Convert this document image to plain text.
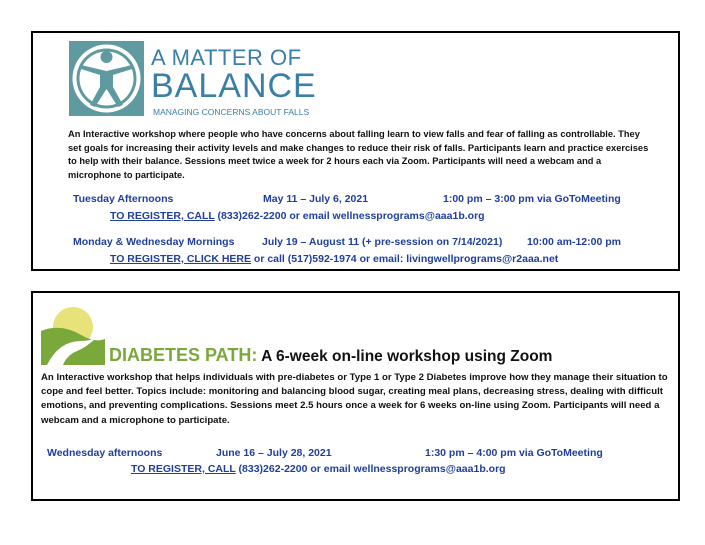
A MATTER OF
BALANCE
MANAGING CONCERNS ABOUT FALLS
An Interactive workshop where people who have concerns about falling learn to view falls and fear of falling as controllable. They set goals for increasing their activity levels and make changes to reduce their risk of falls. Participants learn and practice exercises to help with their balance. Sessions meet twice a week for 2 hours each via Zoom. Participants will need a webcam and a microphone to participate.
Tuesday Afternoons	May 11 – July 6, 2021	1:00 pm – 3:00 pm via GoToMeeting
TO REGISTER, CALL (833)262-2200 or email wellnessprograms@aaa1b.org
Monday & Wednesday Mornings	July 19 – August 11 (+ pre-session on 7/14/2021) 10:00 am-12:00 pm
TO REGISTER, CLICK HERE or call (517)592-1974 or email: livingwellprograms@r2aaa.net
DIABETES PATH: A 6-week on-line workshop using Zoom
An Interactive workshop that helps individuals with pre-diabetes or Type 1 or Type 2 Diabetes improve how they manage their situation to cope and feel better. Topics include: monitoring and balancing blood sugar, creating meal plans, decreasing stress, dealing with difficult emotions, and preventing complications. Sessions meet 2.5 hours once a week for 6 weeks on-line using Zoom. Participants will need a webcam and a microphone to participate.
Wednesday afternoons	June 16 – July 28, 2021	1:30 pm – 4:00 pm via GoToMeeting
TO REGISTER, CALL (833)262-2200 or email wellnessprograms@aaa1b.org
